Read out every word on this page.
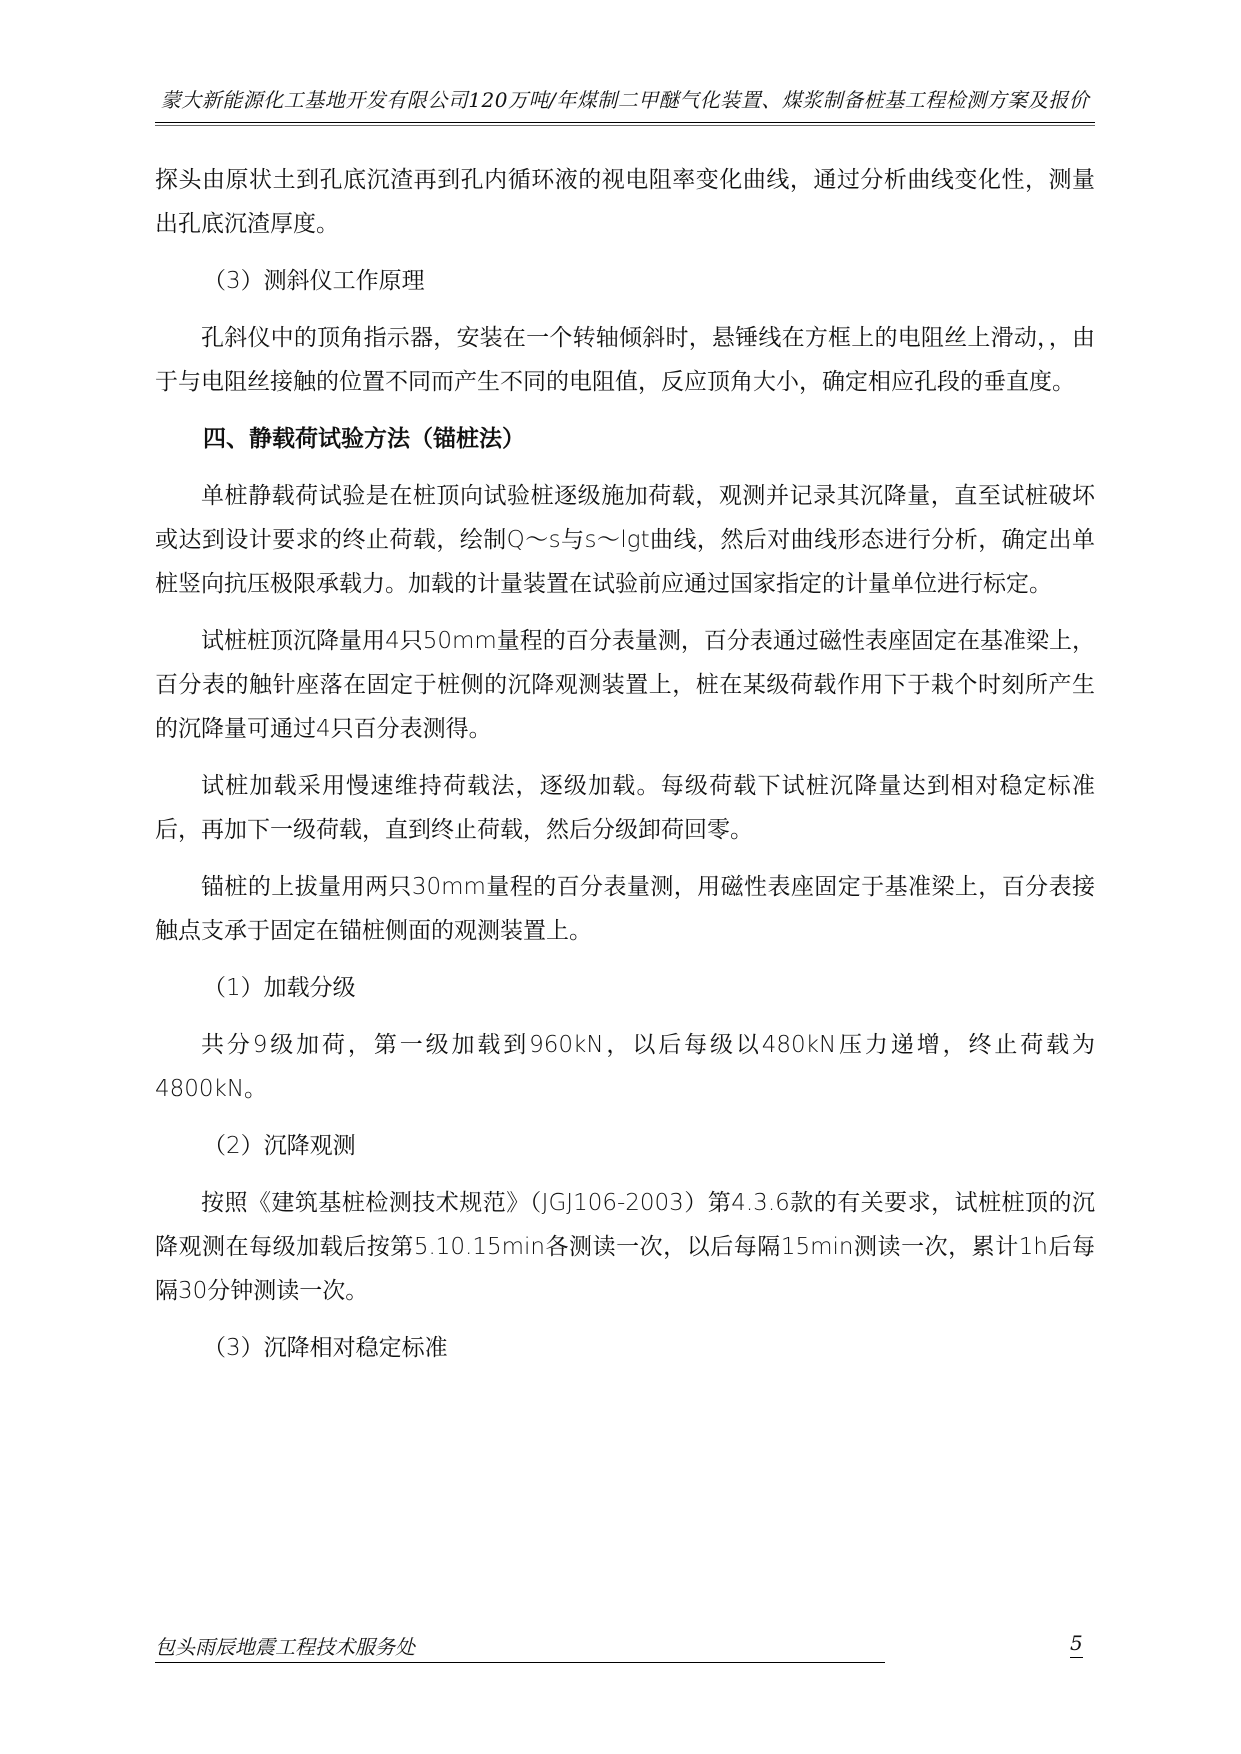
蒙大新能源化工基地开发有限公司120万吨/年煤制二甲醚气化装置、煤浆制备桩基工程检测方案及报价

探头由原状土到孔底沉渣再到孔内循环液的视电阻率变化曲线，通过分析曲线变化性，测量出孔底沉渣厚度。

（3）测斜仪工作原理

孔斜仪中的顶角指示器，安装在一个转轴倾斜时，悬锤线在方框上的电阻丝上滑动，，由于与电阻丝接触的位置不同而产生不同的电阻值，反应顶角大小，确定相应孔段的垂直度。

四、静载荷试验方法（锚桩法）

单桩静载荷试验是在桩顶向试验桩逐级施加荷载，观测并记录其沉降量，直至试桩破坏或达到设计要求的终止荷载，绘制Q～s与s～lgt曲线，然后对曲线形态进行分析，确定出单桩竖向抗压极限承载力。加载的计量装置在试验前应通过国家指定的计量单位进行标定。

试桩桩顶沉降量用4只50mm量程的百分表量测，百分表通过磁性表座固定在基准梁上，百分表的触针座落在固定于桩侧的沉降观测装置上，桩在某级荷载作用下于栽个时刻所产生的沉降量可通过4只百分表测得。

试桩加载采用慢速维持荷载法，逐级加载。每级荷载下试桩沉降量达到相对稳定标准后，再加下一级荷载，直到终止荷载，然后分级卸荷回零。

锚桩的上拔量用两只30mm量程的百分表量测，用磁性表座固定于基准梁上，百分表接触点支承于固定在锚桩侧面的观测装置上。

（1）加载分级

共分9级加荷，第一级加载到960kN，以后每级以480kN压力递增，终止荷载为4800kN。

（2）沉降观测

按照《建筑基桩检测技术规范》（JGJ106-2003）第4.3.6款的有关要求，试桩桩顶的沉降观测在每级加载后按第5.10.15min各测读一次，以后每隔15min测读一次，累计1h后每隔30分钟测读一次。

（3）沉降相对稳定标准

包头雨辰地震工程技术服务处	5
